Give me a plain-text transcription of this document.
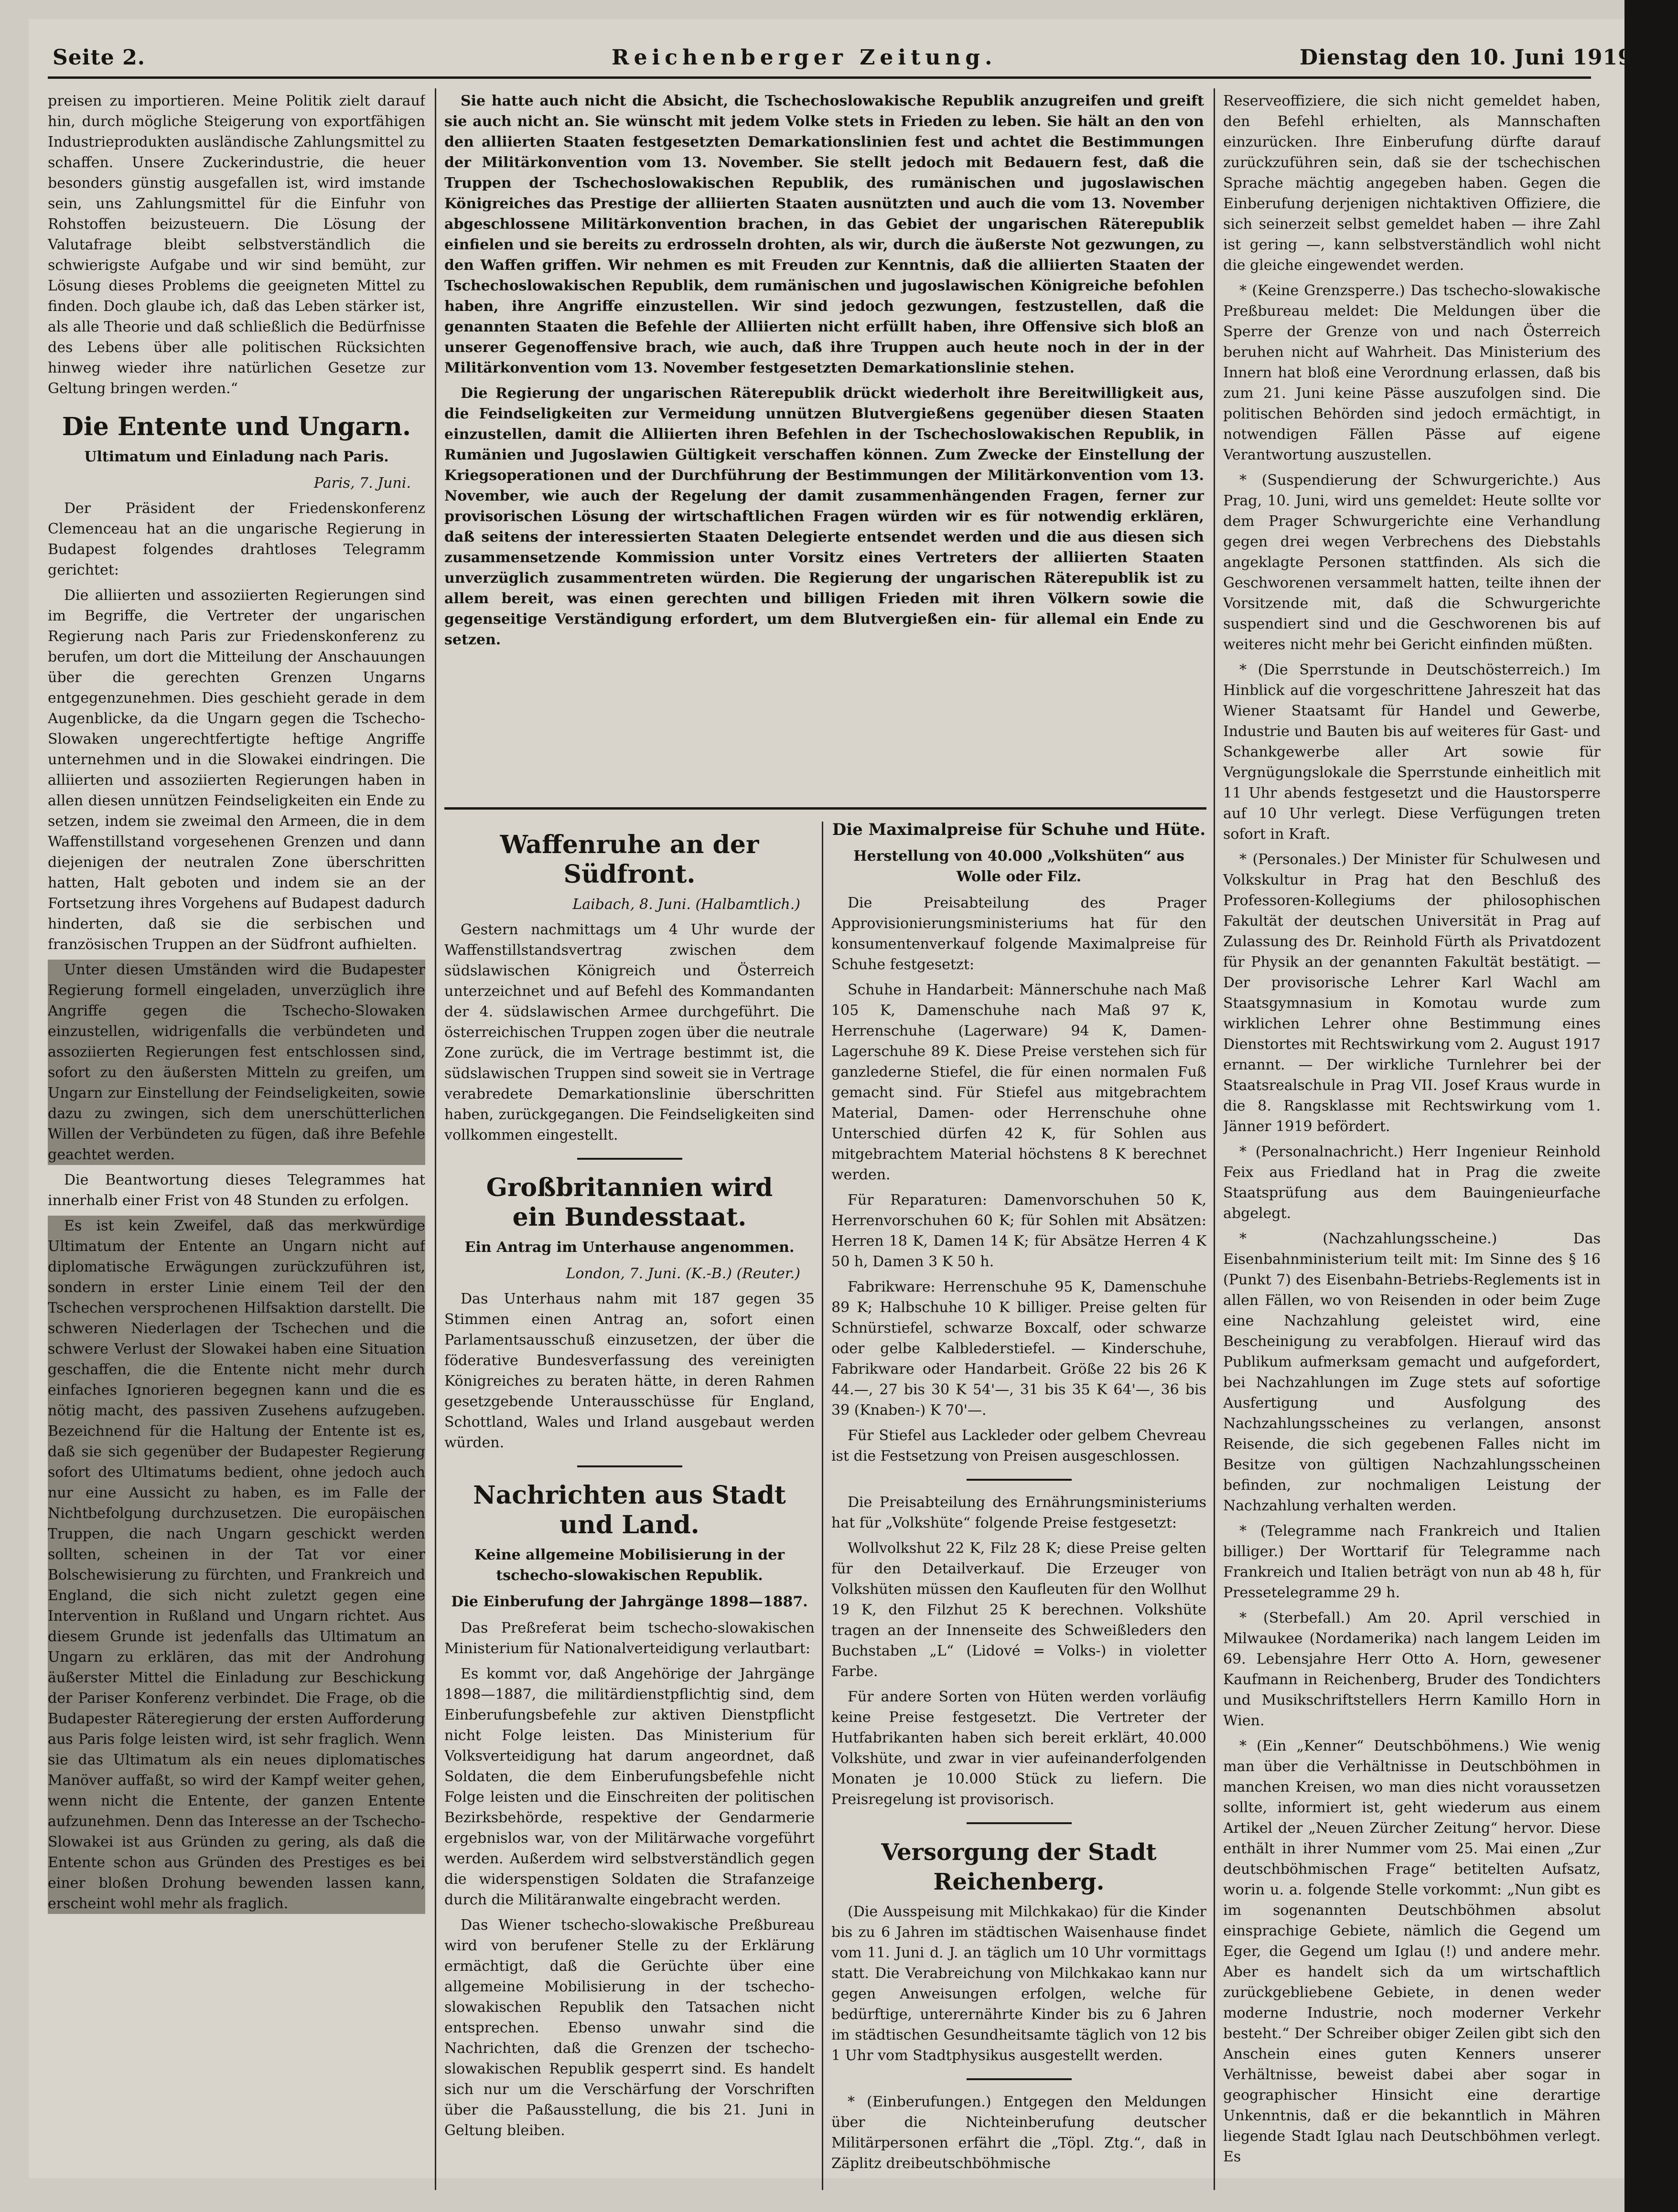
Seite 2.	Reichenberger Zeitung.	Dienstag den 10. Juni 1919.

preisen zu importieren. Meine Politik zielt darauf hin, durch mögliche Steigerung von exportfähigen Industrieprodukten ausländische Zahlungsmittel zu schaffen. Unsere Zuckerindustrie, die heuer besonders günstig ausgefallen ist, wird imstande sein, uns Zahlungsmittel für die Einfuhr von Rohstoffen beizusteuern. Die Lösung der Valutafrage bleibt selbstverständlich die schwierigste Aufgabe und wir sind bemüht, zur Lösung dieses Problems die geeigneten Mittel zu finden. Doch glaube ich, daß das Leben stärker ist, als alle Theorie und daß schließlich die Bedürfnisse des Lebens über alle politischen Rücksichten hinweg wieder ihre natürlichen Gesetze zur Geltung bringen werden.“

Die Entente und Ungarn.
Ultimatum und Einladung nach Paris.
Paris, 7. Juni.

Der Präsident der Friedenskonferenz Clemenceau hat an die ungarische Regierung in Budapest folgendes drahtloses Telegramm gerichtet:

Die alliierten und assoziierten Regierungen sind im Begriffe, die Vertreter der ungarischen Regierung nach Paris zur Friedenskonferenz zu berufen, um dort die Mitteilung der Anschauungen über die gerechten Grenzen Ungarns entgegenzunehmen. Dies geschieht gerade in dem Augenblicke, da die Ungarn gegen die Tschecho-Slowaken ungerechtfertigte heftige Angriffe unternehmen und in die Slowakei eindringen. Die alliierten und assoziierten Regierungen haben in allen diesen unnützen Feindseligkeiten ein Ende zu setzen, indem sie zweimal den Armeen, die in dem Waffenstillstand vorgesehenen Grenzen und dann diejenigen der neutralen Zone überschritten hatten, Halt geboten und indem sie an der Fortsetzung ihres Vorgehens auf Budapest dadurch hinderten, daß sie die serbischen und französischen Truppen an der Südfront aufhielten.

Unter diesen Umständen wird die Budapester Regierung formell eingeladen, unverzüglich ihre Angriffe gegen die Tschecho-Slowaken einzustellen, widrigenfalls die verbündeten und assoziierten Regierungen fest entschlossen sind, sofort zu den äußersten Mitteln zu greifen, um Ungarn zur Einstellung der Feindseligkeiten, sowie dazu zu zwingen, sich dem unerschütterlichen Willen der Verbündeten zu fügen, daß ihre Befehle geachtet werden.

Die Beantwortung dieses Telegrammes hat innerhalb einer Frist von 48 Stunden zu erfolgen.

Es ist kein Zweifel, daß das merkwürdige Ultimatum der Entente an Ungarn nicht auf diplomatische Erwägungen zurückzuführen ist, sondern in erster Linie einem Teil der den Tschechen versprochenen Hilfsaktion darstellt. Die schweren Niederlagen der Tschechen und die schwere Verlust der Slowakei haben eine Situation geschaffen, die die Entente nicht mehr durch einfaches Ignorieren begegnen kann und die es nötig macht, des passiven Zusehens aufzugeben. Bezeichnend für die Haltung der Entente ist es, daß sie sich gegenüber der Budapester Regierung sofort des Ultimatums bedient, ohne jedoch auch nur eine Aussicht zu haben, es im Falle der Nichtbefolgung durchzusetzen. Die europäischen Truppen, die nach Ungarn geschickt werden sollten, scheinen in der Tat vor einer Bolschewisierung zu fürchten, und Frankreich und England, die sich nicht zuletzt gegen eine Intervention in Rußland und Ungarn richtet. Aus diesem Grunde ist jedenfalls das Ultimatum an Ungarn zu erklären, das mit der Androhung äußerster Mittel die Einladung zur Beschickung der Pariser Konferenz verbindet. Die Frage, ob die Budapester Räteregierung der ersten Aufforderung aus Paris folge leisten wird, ist sehr fraglich. Wenn sie das Ultimatum als ein neues diplomatisches Manöver auffaßt, so wird der Kampf weiter gehen, wenn nicht die Entente, der ganzen Entente aufzunehmen. Denn das Interesse an der Tschecho-Slowakei ist aus Gründen zu gering, als daß die Entente schon aus Gründen des Prestiges es bei einer bloßen Drohung bewenden lassen kann, erscheint wohl mehr als fraglich.

Sie hatte auch nicht die Absicht, die Tschechoslowakische Republik anzugreifen und greift sie auch nicht an. Sie wünscht mit jedem Volke stets in Frieden zu leben. Sie hält an den von den alliierten Staaten festgesetzten Demarkationslinien fest und achtet die Bestimmungen der Militärkonvention vom 13. November. Sie stellt jedoch mit Bedauern fest, daß die Truppen der Tschechoslowakischen Republik, des rumänischen und jugoslawischen Königreiches das Prestige der alliierten Staaten ausnützten und auch die vom 13. November abgeschlossene Militärkonvention brachen, in das Gebiet der ungarischen Räterepublik einfielen und sie bereits zu erdrosseln drohten, als wir, durch die äußerste Not gezwungen, zu den Waffen griffen. Wir nehmen es mit Freuden zur Kenntnis, daß die alliierten Staaten der Tschechoslowakischen Republik, dem rumänischen und jugoslawischen Königreiche befohlen haben, ihre Angriffe einzustellen. Wir sind jedoch gezwungen, festzustellen, daß die genannten Staaten die Befehle der Alliierten nicht erfüllt haben, ihre Offensive sich bloß an unserer Gegenoffensive brach, wie auch, daß ihre Truppen auch heute noch in der in der Militärkonvention vom 13. November festgesetzten Demarkationslinie stehen.

Die Regierung der ungarischen Räterepublik drückt wiederholt ihre Bereitwilligkeit aus, die Feindseligkeiten zur Vermeidung unnützen Blutvergießens gegenüber diesen Staaten einzustellen, damit die Alliierten ihren Befehlen in der Tschechoslowakischen Republik, in Rumänien und Jugoslawien Gültigkeit verschaffen können. Zum Zwecke der Einstellung der Kriegsoperationen und der Durchführung der Bestimmungen der Militärkonvention vom 13. November, wie auch der Regelung der damit zusammenhängenden Fragen, ferner zur provisorischen Lösung der wirtschaftlichen Fragen würden wir es für notwendig erklären, daß seitens der interessierten Staaten Delegierte entsendet werden und die aus diesen sich zusammensetzende Kommission unter Vorsitz eines Vertreters der alliierten Staaten unverzüglich zusammentreten würden. Die Regierung der ungarischen Räterepublik ist zu allem bereit, was einen gerechten und billigen Frieden mit ihren Völkern sowie die gegenseitige Verständigung erfordert, um dem Blutvergießen ein- für allemal ein Ende zu setzen.

Waffenruhe an der Südfront.
Laibach, 8. Juni. (Halbamtlich.)

Gestern nachmittags um 4 Uhr wurde der Waffenstillstandsvertrag zwischen dem südslawischen Königreich und Österreich unterzeichnet und auf Befehl des Kommandanten der 4. südslawischen Armee durchgeführt. Die österreichischen Truppen zogen über die neutrale Zone zurück, die im Vertrage bestimmt ist, die südslawischen Truppen sind soweit sie in Vertrage verabredete Demarkationslinie überschritten haben, zurückgegangen. Die Feindseligkeiten sind vollkommen eingestellt.

Großbritannien wird
ein Bundesstaat.
Ein Antrag im Unterhause angenommen.
London, 7. Juni. (K.-B.) (Reuter.)

Das Unterhaus nahm mit 187 gegen 35 Stimmen einen Antrag an, sofort einen Parlamentsausschuß einzusetzen, der über die föderative Bundesverfassung des vereinigten Königreiches zu beraten hätte, in deren Rahmen gesetzgebende Unterausschüsse für England, Schottland, Wales und Irland ausgebaut werden würden.

Nachrichten aus Stadt und Land.
Keine allgemeine Mobilisierung in der tschecho-slowakischen Republik.
Die Einberufung der Jahrgänge 1898—1887.

Das Preßreferat beim tschecho-slowakischen Ministerium für Nationalverteidigung verlautbart:

Es kommt vor, daß Angehörige der Jahrgänge 1898—1887, die militärdienstpflichtig sind, dem Einberufungsbefehle zur aktiven Dienstpflicht nicht Folge leisten. Das Ministerium für Volksverteidigung hat darum angeordnet, daß Soldaten, die dem Einberufungsbefehle nicht Folge leisten und die Einschreiten der politischen Bezirksbehörde, respektive der Gendarmerie ergebnislos war, von der Militärwache vorgeführt werden. Außerdem wird selbstverständlich gegen die widerspenstigen Soldaten die Strafanzeige durch die Militäranwalte eingebracht werden.

Das Wiener tschecho-slowakische Preßbureau wird von berufener Stelle zu der Erklärung ermächtigt, daß die Gerüchte über eine allgemeine Mobilisierung in der tschecho-slowakischen Republik den Tatsachen nicht entsprechen. Ebenso unwahr sind die Nachrichten, daß die Grenzen der tschecho-slowakischen Republik gesperrt sind. Es handelt sich nur um die Verschärfung der Vorschriften über die Paßausstellung, die bis 21. Juni in Geltung bleiben.

Die Maximalpreise für Schuhe und Hüte.
Herstellung von 40.000 „Volkshüten“ aus Wolle oder Filz.

Die Preisabteilung des Prager Approvisionierungsministeriums hat für den konsumentenverkauf folgende Maximalpreise für Schuhe festgesetzt:

Schuhe in Handarbeit: Männerschuhe nach Maß 105 K, Damenschuhe nach Maß 97 K, Herrenschuhe (Lagerware) 94 K, Damen-Lagerschuhe 89 K. Diese Preise verstehen sich für ganzlederne Stiefel, die für einen normalen Fuß gemacht sind. Für Stiefel aus mitgebrachtem Material, Damen- oder Herrenschuhe ohne Unterschied dürfen 42 K, für Sohlen aus mitgebrachtem Material höchstens 8 K berechnet werden.

Für Reparaturen: Damenvorschuhen 50 K, Herrenvorschuhen 60 K; für Sohlen mit Absätzen: Herren 18 K, Damen 14 K; für Absätze Herren 4 K 50 h, Damen 3 K 50 h.

Fabrikware: Herrenschuhe 95 K, Damenschuhe 89 K; Halbschuhe 10 K billiger. Preise gelten für Schnürstiefel, schwarze Boxcalf, oder schwarze oder gelbe Kalblederstiefel. — Kinderschuhe, Fabrikware oder Handarbeit. Größe 22 bis 26 K 44.—, 27 bis 30 K 54'—, 31 bis 35 K 64'—, 36 bis 39 (Knaben-) K 70'—.

Für Stiefel aus Lackleder oder gelbem Chevreau ist die Festsetzung von Preisen ausgeschlossen.

Die Preisabteilung des Ernährungsministeriums hat für „Volkshüte“ folgende Preise festgesetzt:

Wollvolkshut 22 K, Filz 28 K; diese Preise gelten für den Detailverkauf. Die Erzeuger von Volkshüten müssen den Kaufleuten für den Wollhut 19 K, den Filzhut 25 K berechnen. Volkshüte tragen an der Innenseite des Schweißleders den Buchstaben „L“ (Lidové = Volks-) in violetter Farbe.

Für andere Sorten von Hüten werden vorläufig keine Preise festgesetzt. Die Vertreter der Hutfabrikanten haben sich bereit erklärt, 40.000 Volkshüte, und zwar in vier aufeinanderfolgenden Monaten je 10.000 Stück zu liefern. Die Preisregelung ist provisorisch.

Versorgung der Stadt Reichenberg.

(Die Ausspeisung mit Milchkakao) für die Kinder bis zu 6 Jahren im städtischen Waisenhause findet vom 11. Juni d. J. an täglich um 10 Uhr vormittags statt. Die Verabreichung von Milchkakao kann nur gegen Anweisungen erfolgen, welche für bedürftige, unterernährte Kinder bis zu 6 Jahren im städtischen Gesundheitsamte täglich von 12 bis 1 Uhr vom Stadtphysikus ausgestellt werden.

* (Einberufungen.) Entgegen den Meldungen über die Nichteinberufung deutscher Militärpersonen erfährt die „Töpl. Ztg.“, daß in Zäplitz dreibeutschböhmische

Reserveoffiziere, die sich nicht gemeldet haben, den Befehl erhielten, als Mannschaften einzurücken. Ihre Einberufung dürfte darauf zurückzuführen sein, daß sie der tschechischen Sprache mächtig angegeben haben. Gegen die Einberufung derjenigen nichtaktiven Offiziere, die sich seinerzeit selbst gemeldet haben — ihre Zahl ist gering —, kann selbstverständlich wohl nicht die gleiche eingewendet werden.

* (Keine Grenzsperre.) Das tschecho-slowakische Preßbureau meldet: Die Meldungen über die Sperre der Grenze von und nach Österreich beruhen nicht auf Wahrheit. Das Ministerium des Innern hat bloß eine Verordnung erlassen, daß bis zum 21. Juni keine Pässe auszufolgen sind. Die politischen Behörden sind jedoch ermächtigt, in notwendigen Fällen Pässe auf eigene Verantwortung auszustellen.

* (Suspendierung der Schwurgerichte.) Aus Prag, 10. Juni, wird uns gemeldet: Heute sollte vor dem Prager Schwurgerichte eine Verhandlung gegen drei wegen Verbrechens des Diebstahls angeklagte Personen stattfinden. Als sich die Geschworenen versammelt hatten, teilte ihnen der Vorsitzende mit, daß die Schwurgerichte suspendiert sind und die Geschworenen bis auf weiteres nicht mehr bei Gericht einfinden müßten.

* (Die Sperrstunde in Deutschösterreich.) Im Hinblick auf die vorgeschrittene Jahreszeit hat das Wiener Staatsamt für Handel und Gewerbe, Industrie und Bauten bis auf weiteres für Gast- und Schankgewerbe aller Art sowie für Vergnügungslokale die Sperrstunde einheitlich mit 11 Uhr abends festgesetzt und die Haustorsperre auf 10 Uhr verlegt. Diese Verfügungen treten sofort in Kraft.

* (Personales.) Der Minister für Schulwesen und Volkskultur in Prag hat den Beschluß des Professoren-Kollegiums der philosophischen Fakultät der deutschen Universität in Prag auf Zulassung des Dr. Reinhold Fürth als Privatdozent für Physik an der genannten Fakultät bestätigt. — Der provisorische Lehrer Karl Wachl am Staatsgymnasium in Komotau wurde zum wirklichen Lehrer ohne Bestimmung eines Dienstortes mit Rechtswirkung vom 2. August 1917 ernannt. — Der wirkliche Turnlehrer bei der Staatsrealschule in Prag VII. Josef Kraus wurde in die 8. Rangsklasse mit Rechtswirkung vom 1. Jänner 1919 befördert.

* (Personalnachricht.) Herr Ingenieur Reinhold Feix aus Friedland hat in Prag die zweite Staatsprüfung aus dem Bauingenieurfache abgelegt.

* (Nachzahlungsscheine.) Das Eisenbahnministerium teilt mit: Im Sinne des § 16 (Punkt 7) des Eisenbahn-Betriebs-Reglements ist in allen Fällen, wo von Reisenden in oder beim Zuge eine Nachzahlung geleistet wird, eine Bescheinigung zu verabfolgen. Hierauf wird das Publikum aufmerksam gemacht und aufgefordert, bei Nachzahlungen im Zuge stets auf sofortige Ausfertigung und Ausfolgung des Nachzahlungsscheines zu verlangen, ansonst Reisende, die sich gegebenen Falles nicht im Besitze von gültigen Nachzahlungsscheinen befinden, zur nochmaligen Leistung der Nachzahlung verhalten werden.

* (Telegramme nach Frankreich und Italien billiger.) Der Worttarif für Telegramme nach Frankreich und Italien beträgt von nun ab 48 h, für Pressetelegramme 29 h.

* (Sterbefall.) Am 20. April verschied in Milwaukee (Nordamerika) nach langem Leiden im 69. Lebensjahre Herr Otto A. Horn, gewesener Kaufmann in Reichenberg, Bruder des Tondichters und Musikschriftstellers Herrn Kamillo Horn in Wien.

* (Ein „Kenner“ Deutschböhmens.) Wie wenig man über die Verhältnisse in Deutschböhmen in manchen Kreisen, wo man dies nicht voraussetzen sollte, informiert ist, geht wiederum aus einem Artikel der „Neuen Zürcher Zeitung“ hervor. Diese enthält in ihrer Nummer vom 25. Mai einen „Zur deutschböhmischen Frage“ betitelten Aufsatz, worin u. a. folgende Stelle vorkommt: „Nun gibt es im sogenannten Deutschböhmen absolut einsprachige Gebiete, nämlich die Gegend um Eger, die Gegend um Iglau (!) und andere mehr. Aber es handelt sich da um wirtschaftlich zurückgebliebene Gebiete, in denen weder moderne Industrie, noch moderner Verkehr besteht.“ Der Schreiber obiger Zeilen gibt sich den Anschein eines guten Kenners unserer Verhältnisse, beweist dabei aber sogar in geographischer Hinsicht eine derartige Unkenntnis, daß er die bekanntlich in Mähren liegende Stadt Iglau nach Deutschböhmen verlegt. Es
